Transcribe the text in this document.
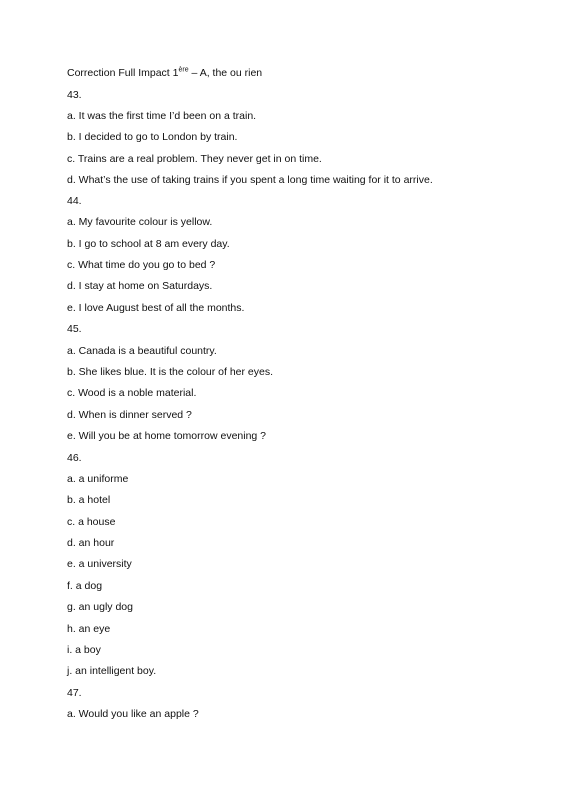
Correction Full Impact 1ère – A, the ou rien
43.
a. It was the first time I’d been on a train.
b. I decided to go to London by train.
c. Trains are a real problem. They never get in on time.
d. What’s the use of taking trains if you spent a long time waiting for it to arrive.
44.
a. My favourite colour is yellow.
b. I go to school at 8 am every day.
c. What time do you go to bed ?
d. I stay at home on Saturdays.
e. I love August best of all the months.
45.
a. Canada is a beautiful country.
b. She likes blue. It is the colour of her eyes.
c. Wood is a noble material.
d. When is dinner served ?
e. Will you be at home tomorrow evening ?
46.
a. a uniforme
b. a hotel
c. a house
d. an hour
e. a university
f. a dog
g. an ugly dog
h. an eye
i. a boy
j. an intelligent boy.
47.
a. Would you like an apple ?
